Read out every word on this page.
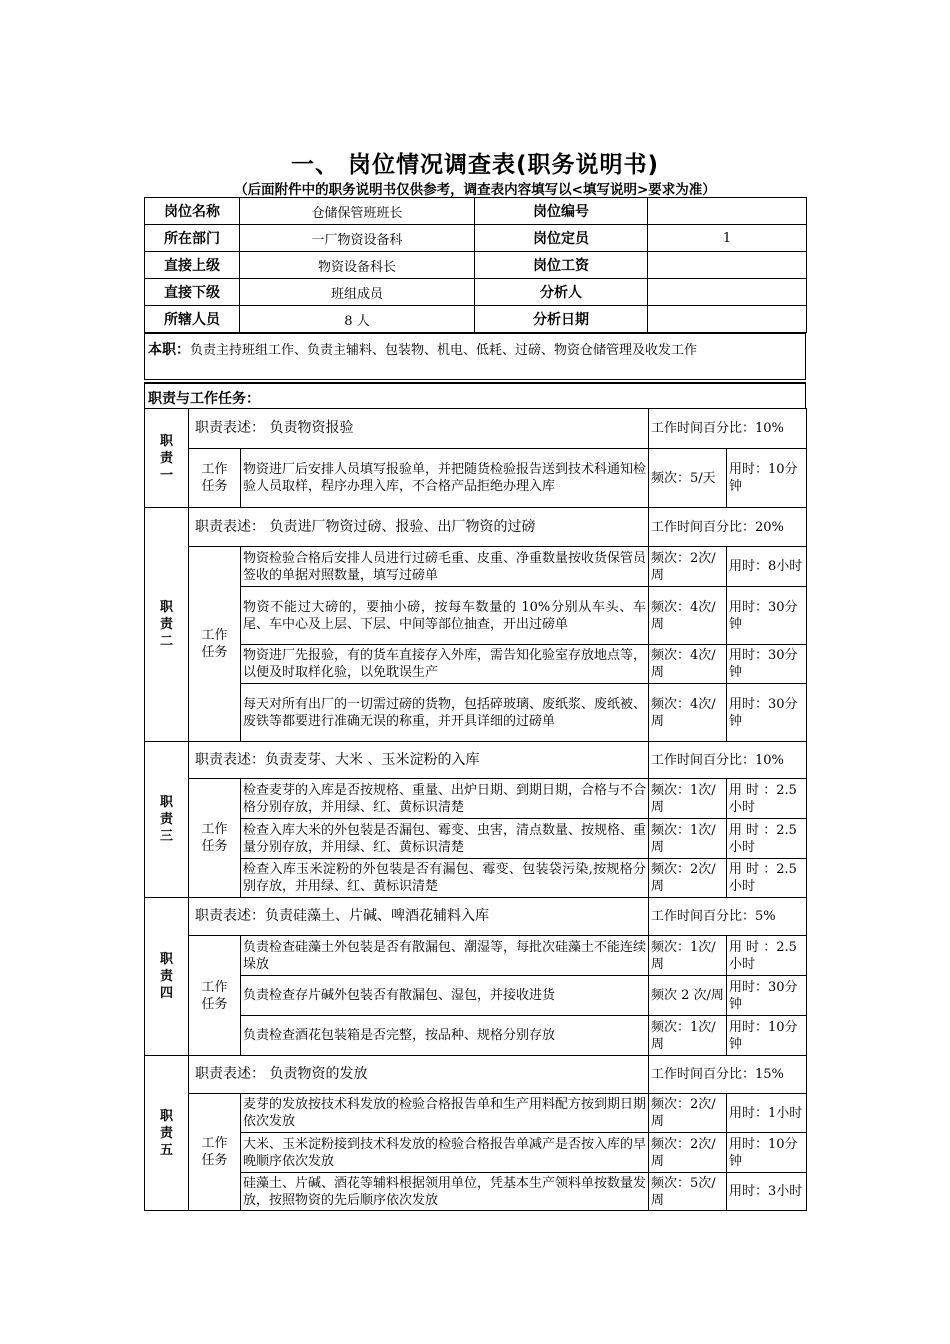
一、 岗位情况调查表(职务说明书)
（后面附件中的职务说明书仅供参考，调查表内容填写以<填写说明>要求为准）
岗位名称	仓储保管班班长	岗位编号	
所在部门	一厂物资设备科	岗位定员	1
直接上级	物资设备科长	岗位工资	
直接下级	班组成员	分析人	
所辖人员	8 人	分析日期	
本职：负责主持班组工作、负责主辅料、包装物、机电、低耗、过磅、物资仓储管理及收发工作
职责与工作任务：
职
责
一	职责表述： 负责物资报验		工作时间百分比：10%	

	工作
任务	物资进厂后安排人员填写报验单，并把随货检验报告送到技术科通知检验人员取样，程序办理入库，不合格产品拒绝办理入库	频次：5/天	用时：10分钟

职
责
二	职责表述： 负责进厂物资过磅、报验、出厂物资的过磅		工作时间百分比：20%	

	工作
任务	物资检验合格后安排人员进行过磅毛重、皮重、净重数量按收货保管员签收的单据对照数量，填写过磅单	频次：2次/周	用时：8小时
		物资不能过大磅的，要抽小磅，按每车数量的 10%分别从车头、车尾、车中心及上层、下层、中间等部位抽查，开出过磅单	频次：4次/ 周	用时：30分钟
		物资进厂先报验，有的货车直接存入外库，需告知化验室存放地点等，以便及时取样化验，以免耽误生产	频次：4次/ 周	用时：30分钟
		每天对所有出厂的一切需过磅的货物，包括碎玻璃、废纸浆、废纸被、废铁等都要进行准确无误的称重，并开具详细的过磅单	频次：4次/ 周	用时：30分钟

职
责
三	职责表述：负责麦芽、大米 、玉米淀粉的入库		工作时间百分比：10%	

	工作
任务	检查麦芽的入库是否按规格、重量、出炉日期、到期日期，合格与不合格分别存放，并用绿、红、黄标识清楚	频次：1次/周	用 时 ：2.5 小时
		检查入库大米的外包装是否漏包、霉变、虫害，清点数量、按规格、重量分别存放，并用绿、红、黄标识清楚	频次：1次/周	用 时 ：2.5 小时
		检查入库玉米淀粉的外包装是否有漏包、霉变、包装袋污染,按规格分别存放，并用绿、红、黄标识清楚	频次：2次/ 周	用 时 ：2.5 小时

职
责
四	职责表述：负责硅藻土、片碱、啤酒花辅料入库		工作时间百分比：5%	

	工作
任务	负责检查硅藻土外包装是否有散漏包、潮湿等，每批次硅藻土不能连续垛放	频次：1次/周	用 时 ：2.5 小时
		负责检查存片碱外包装否有散漏包、湿包，并接收进货	频次 2 次/周	用时：30分钟
		负责检查酒花包装箱是否完整，按品种、规格分别存放	频次：1次/周	用时：10分钟

职
责
五	职责表述： 负责物资的发放		工作时间百分比：15%	

	工作
任务	麦芽的发放按技术科发放的检验合格报告单和生产用料配方按到期日期依次发放	频次：2次/周	用时：1小时
		大米、玉米淀粉接到技术科发放的检验合格报告单减产是否按入库的早晚顺序依次发放	频次：2次/周	用时：10分钟
		硅藻土、片碱、酒花等辅料根据领用单位，凭基本生产领料单按数量发放，按照物资的先后顺序依次发放	频次：5次/周	用时：3小时
